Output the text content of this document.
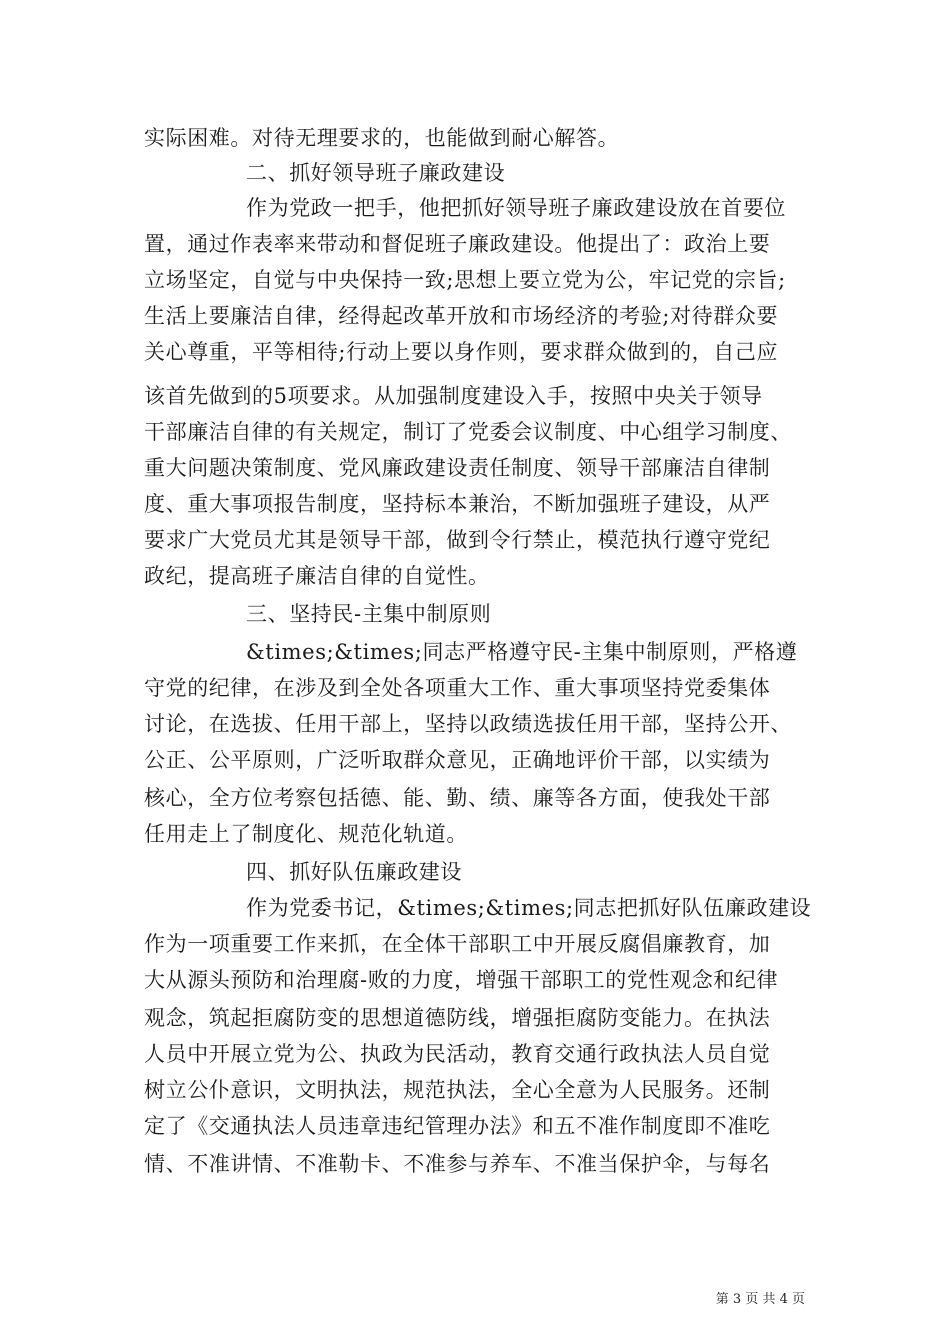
实际困难。对待无理要求的，也能做到耐心解答。
二、抓好领导班子廉政建设
作为党政一把手，他把抓好领导班子廉政建设放在首要位
置，通过作表率来带动和督促班子廉政建设。他提出了：政治上要
立场坚定，自觉与中央保持一致;思想上要立党为公，牢记党的宗旨;
生活上要廉洁自律，经得起改革开放和市场经济的考验;对待群众要
关心尊重，平等相待;行动上要以身作则，要求群众做到的，自己应
该首先做到的5项要求。从加强制度建设入手，按照中央关于领导
干部廉洁自律的有关规定，制订了党委会议制度、中心组学习制度、
重大问题决策制度、党风廉政建设责任制度、领导干部廉洁自律制
度、重大事项报告制度，坚持标本兼治，不断加强班子建设，从严
要求广大党员尤其是领导干部，做到令行禁止，模范执行遵守党纪
政纪，提高班子廉洁自律的自觉性。
三、坚持民-主集中制原则
&times;&times;同志严格遵守民-主集中制原则，严格遵
守党的纪律，在涉及到全处各项重大工作、重大事项坚持党委集体
讨论，在选拔、任用干部上，坚持以政绩选拔任用干部，坚持公开、
公正、公平原则，广泛听取群众意见，正确地评价干部，以实绩为
核心，全方位考察包括德、能、勤、绩、廉等各方面，使我处干部
任用走上了制度化、规范化轨道。
四、抓好队伍廉政建设
作为党委书记，&times;&times;同志把抓好队伍廉政建设
作为一项重要工作来抓，在全体干部职工中开展反腐倡廉教育，加
大从源头预防和治理腐-败的力度，增强干部职工的党性观念和纪律
观念，筑起拒腐防变的思想道德防线，增强拒腐防变能力。在执法
人员中开展立党为公、执政为民活动，教育交通行政执法人员自觉
树立公仆意识，文明执法，规范执法，全心全意为人民服务。还制
定了《交通执法人员违章违纪管理办法》和五不准作制度即不准吃
情、不准讲情、不准勒卡、不准参与养车、不准当保护伞，与每名
第 3 页 共 4 页
